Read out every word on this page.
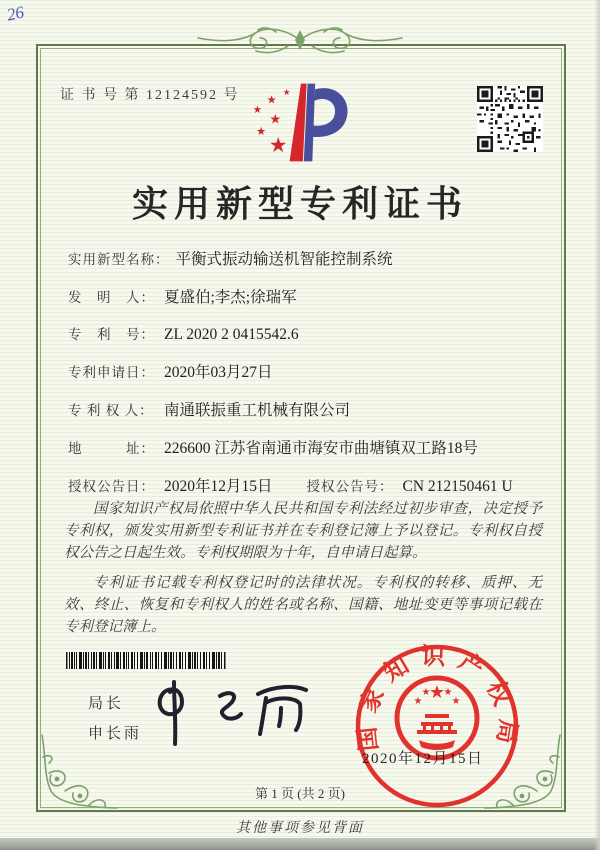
26
证 书 号 第 12124592 号
★
★
★
★
★ ★
实用新型专利证书
实用新型名称： 平衡式振动输送机智能控制系统
发　明　人： 夏盛伯;李杰;徐瑞军
专　利　号： ZL 2020 2 0415542.6
专利申请日： 2020年03月27日
专 利 权 人： 南通联振重工机械有限公司
地　　　址： 226600 江苏省南通市海安市曲塘镇双工路18号
授权公告日： 2020年12月15日	授权公告号： CN 212150461 U

国家知识产权局依照中华人民共和国专利法经过初步审查，决定授予专利权，颁发实用新型专利证书并在专利登记簿上予以登记。专利权自授权公告之日起生效。专利权期限为十年，自申请日起算。

专利证书记载专利权登记时的法律状况。专利权的转移、质押、无效、终止、恢复和专利权人的姓名或名称、国籍、地址变更等事项记载在专利登记簿上。

局长
申长雨	国家知识产权局
★
★
★ ★
★
2020年12月15日
第 1 页 (共 2 页)
其他事项参见背面
